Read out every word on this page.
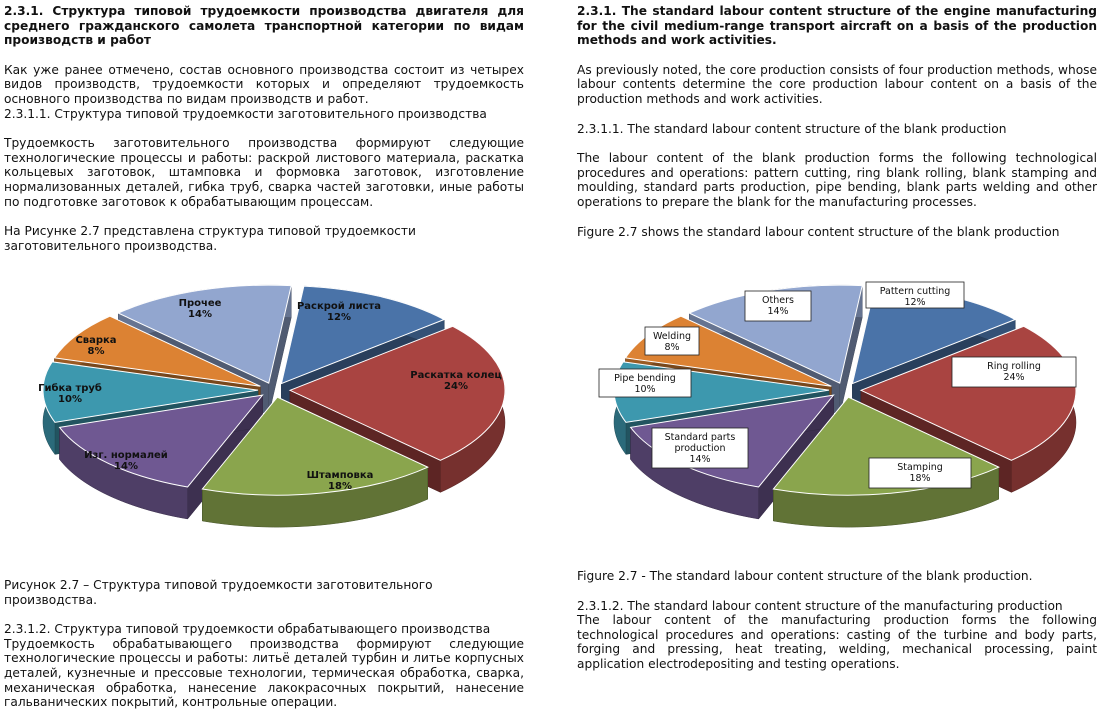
2.3.1. Структура типовой трудоемкости производства двигателя для среднего гражданского самолета транспортной категории по видам производств и работ

Как уже ранее отмечено, состав основного производства состоит из четырех видов производств, трудоемкости которых и определяют трудоемкость основного производства по видам производств и работ.

2.3.1.1. Структура типовой трудоемкости заготовительного производства

Трудоемкость заготовительного производства формируют следующие технологические процессы и работы: раскрой листового материала, раскатка кольцевых заготовок, штамповка и формовка заготовок, изготовление нормализованных деталей, гибка труб, сварка частей заготовки, иные работы по подготовке заготовок к обрабатывающим процессам.

На Рисунке 2.7 представлена структура типовой трудоемкости заготовительного производства.

Раскрой листа
12%
Раскатка колец
24%
Штамповка
18%
Изг. нормалей
14%
Гибка труб
10%
Сварка
8%
Прочее
14%

Рисунок 2.7 – Структура типовой трудоемкости заготовительного производства.

2.3.1.2. Структура типовой трудоемкости обрабатывающего производства

Трудоемкость обрабатывающего производства формируют следующие технологические процессы и работы: литьё деталей турбин и литье корпусных деталей, кузнечные и прессовые технологии, термическая обработка, сварка, механическая обработка, нанесение лакокрасочных покрытий, нанесение гальванических покрытий, контрольные операции.

2.3.1. The standard labour content structure of the engine manufacturing for the civil medium-range transport aircraft on a basis of the production methods and work activities.

As previously noted, the core production consists of four production methods, whose labour contents determine the core production labour content on a basis of the production methods and work activities.

2.3.1.1. The standard labour content structure of the blank production

The labour content of the blank production forms the following technological procedures and operations: pattern cutting, ring blank rolling, blank stamping and moulding, standard parts production, pipe bending, blank parts welding and other operations to prepare the blank for the manufacturing processes.

Figure 2.7 shows the standard labour content structure of the blank production

Pattern cutting
12%
Ring rolling
24%
Stamping
18%
Standard parts
production
14%
Pipe bending
10%
Welding
8%
Others
14%

Figure 2.7 - The standard labour content structure of the blank production.

2.3.1.2. The standard labour content structure of the manufacturing production

The labour content of the manufacturing production forms the following technological procedures and operations: casting of the turbine and body parts, forging and pressing, heat treating, welding, mechanical processing, paint application electrodepositing and testing operations.
